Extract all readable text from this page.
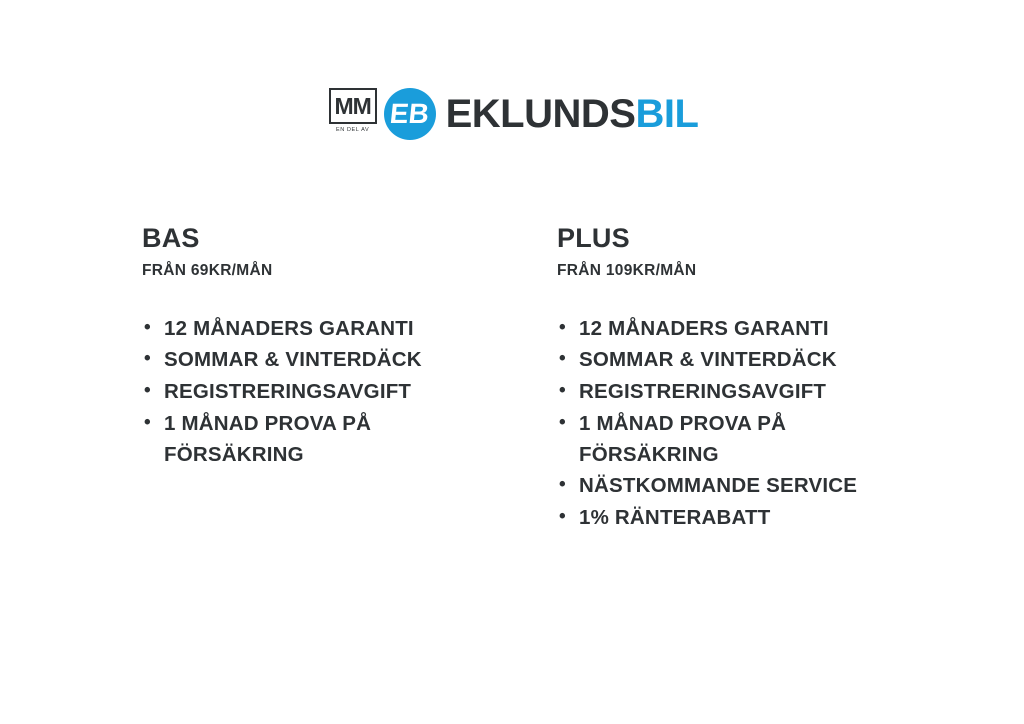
MM
EN DEL AV
EB EKLUNDSBIL
BAS
FRÅN 69KR/MÅN
• 12 MÅNADERS GARANTI
• SOMMAR & VINTERDÄCK
• REGISTRERINGSAVGIFT
• 1 MÅNAD PROVA PÅ
FÖRSÄKRING
PLUS
FRÅN 109KR/MÅN
• 12 MÅNADERS GARANTI
• SOMMAR & VINTERDÄCK
• REGISTRERINGSAVGIFT
• 1 MÅNAD PROVA PÅ
FÖRSÄKRING
• NÄSTKOMMANDE SERVICE
• 1% RÄNTERABATT
